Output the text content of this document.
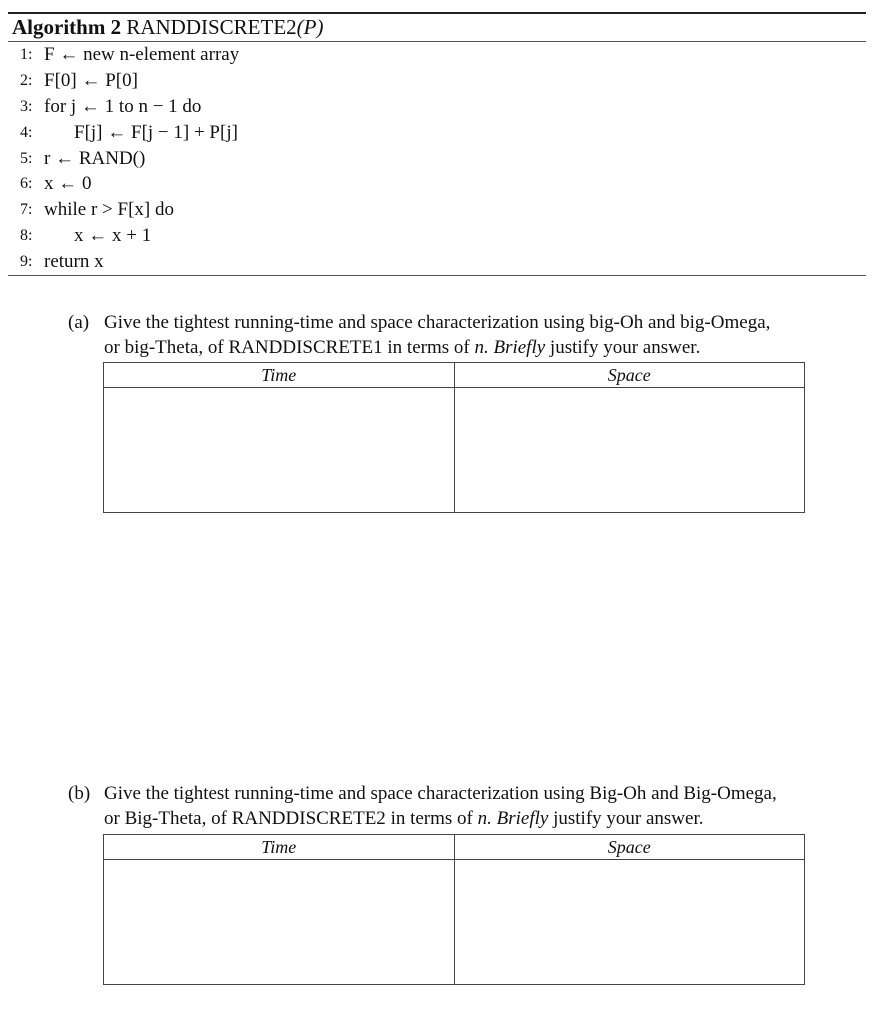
Algorithm 2 RANDDISCRETE2(P)
1: F ← new n-element array
2: F[0] ← P[0]
3: for j ← 1 to n − 1 do
4:	F[j] ← F[j − 1] + P[j]
5: r ← RAND()
6: x ← 0
7: while r > F[x] do
8:	x ← x + 1
9: return x
(a) Give the tightest running-time and space characterization using big-Oh and big-Omega,
or big-Theta, of RANDDISCRETE1 in terms of n. Briefly justify your answer.
Time	Space

(b) Give the tightest running-time and space characterization using Big-Oh and Big-Omega,
or Big-Theta, of RANDDISCRETE2 in terms of n. Briefly justify your answer.
Time	Space
